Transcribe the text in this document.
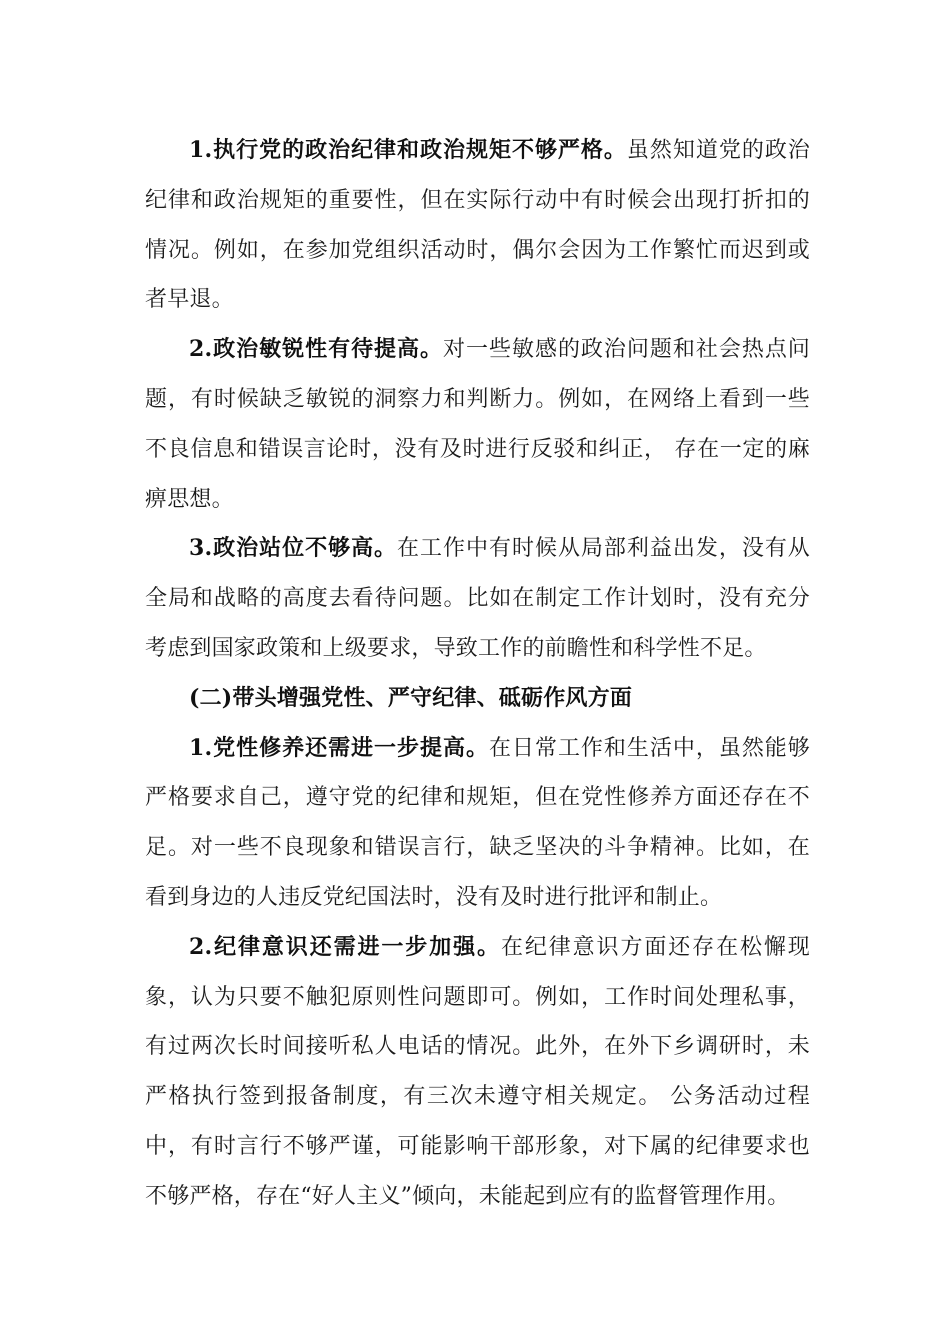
1.执行党的政治纪律和政治规矩不够严格。虽然知道党的政治纪律和政治规矩的重要性，但在实际行动中有时候会出现打折扣的情况。例如，在参加党组织活动时，偶尔会因为工作繁忙而迟到或者早退。

2.政治敏锐性有待提高。对一些敏感的政治问题和社会热点问题，有时候缺乏敏锐的洞察力和判断力。例如，在网络上看到一些不良信息和错误言论时，没有及时进行反驳和纠正， 存在一定的麻痹思想。

3.政治站位不够高。在工作中有时候从局部利益出发，没有从全局和战略的高度去看待问题。比如在制定工作计划时，没有充分考虑到国家政策和上级要求，导致工作的前瞻性和科学性不足。

(二)带头增强党性、严守纪律、砥砺作风方面

1.党性修养还需进一步提高。在日常工作和生活中，虽然能够严格要求自己，遵守党的纪律和规矩，但在党性修养方面还存在不足。对一些不良现象和错误言行，缺乏坚决的斗争精神。比如，在看到身边的人违反党纪国法时，没有及时进行批评和制止。

2.纪律意识还需进一步加强。在纪律意识方面还存在松懈现象，认为只要不触犯原则性问题即可。例如，工作时间处理私事，有过两次长时间接听私人电话的情况。此外，在外下乡调研时，未严格执行签到报备制度，有三次未遵守相关规定。 公务活动过程中，有时言行不够严谨，可能影响干部形象，对下属的纪律要求也不够严格，存在“好人主义”倾向，未能起到应有的监督管理作用。
